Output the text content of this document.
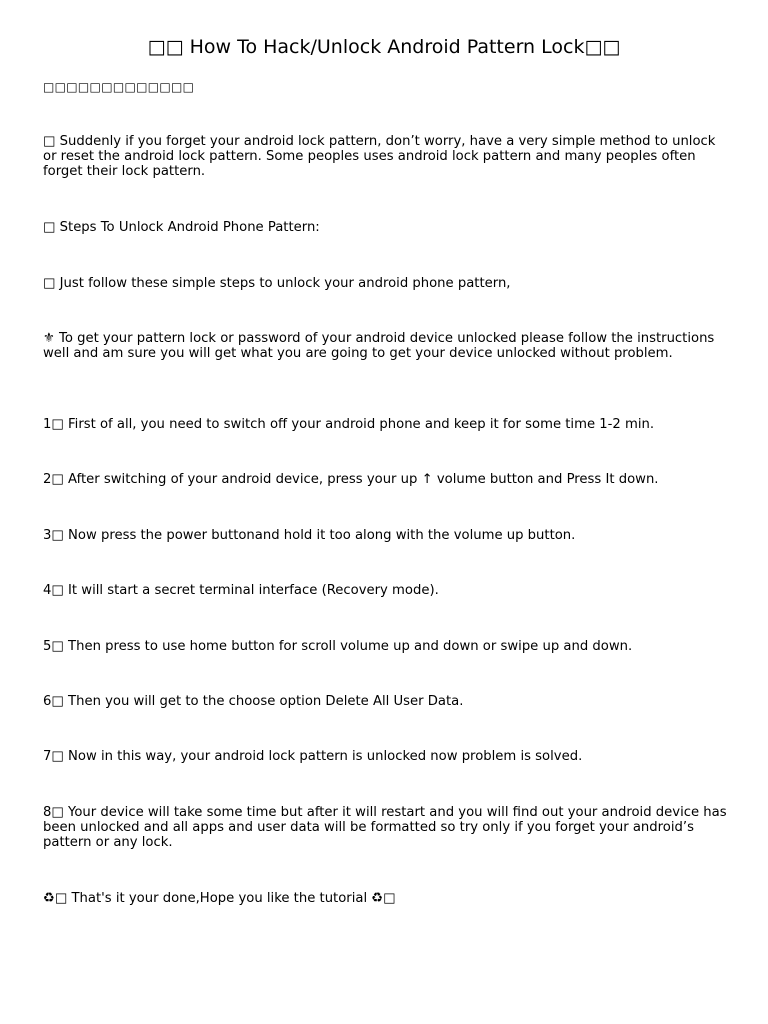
□□ How To Hack/Unlock Android Pattern Lock□□

□□□□□□□□□□□□□

□ Suddenly if you forget your android lock pattern, don’t worry, have a very simple method to unlock or reset the android lock pattern. Some peoples uses android lock pattern and many peoples often forget their lock pattern.

□ Steps To Unlock Android Phone Pattern:

□ Just follow these simple steps to unlock your android phone pattern,

⚜ To get your pattern lock or password of your android device unlocked please follow the instructions well and am sure you will get what you are going to get your device unlocked without problem.

1□ First of all, you need to switch off your android phone and keep it for some time 1-2 min.

2□ After switching of your android device, press your up ↑ volume button and Press It down.

3□ Now press the power buttonand hold it too along with the volume up button.

4□ It will start a secret terminal interface (Recovery mode).

5□ Then press to use home button for scroll volume up and down or swipe up and down.

6□ Then you will get to the choose option Delete All User Data.

7□ Now in this way, your android lock pattern is unlocked now problem is solved.

8□ Your device will take some time but after it will restart and you will find out your android device has been unlocked and all apps and user data will be formatted so try only if you forget your android’s pattern or any lock.

♻□ That's it your done,Hope you like the tutorial ♻□
